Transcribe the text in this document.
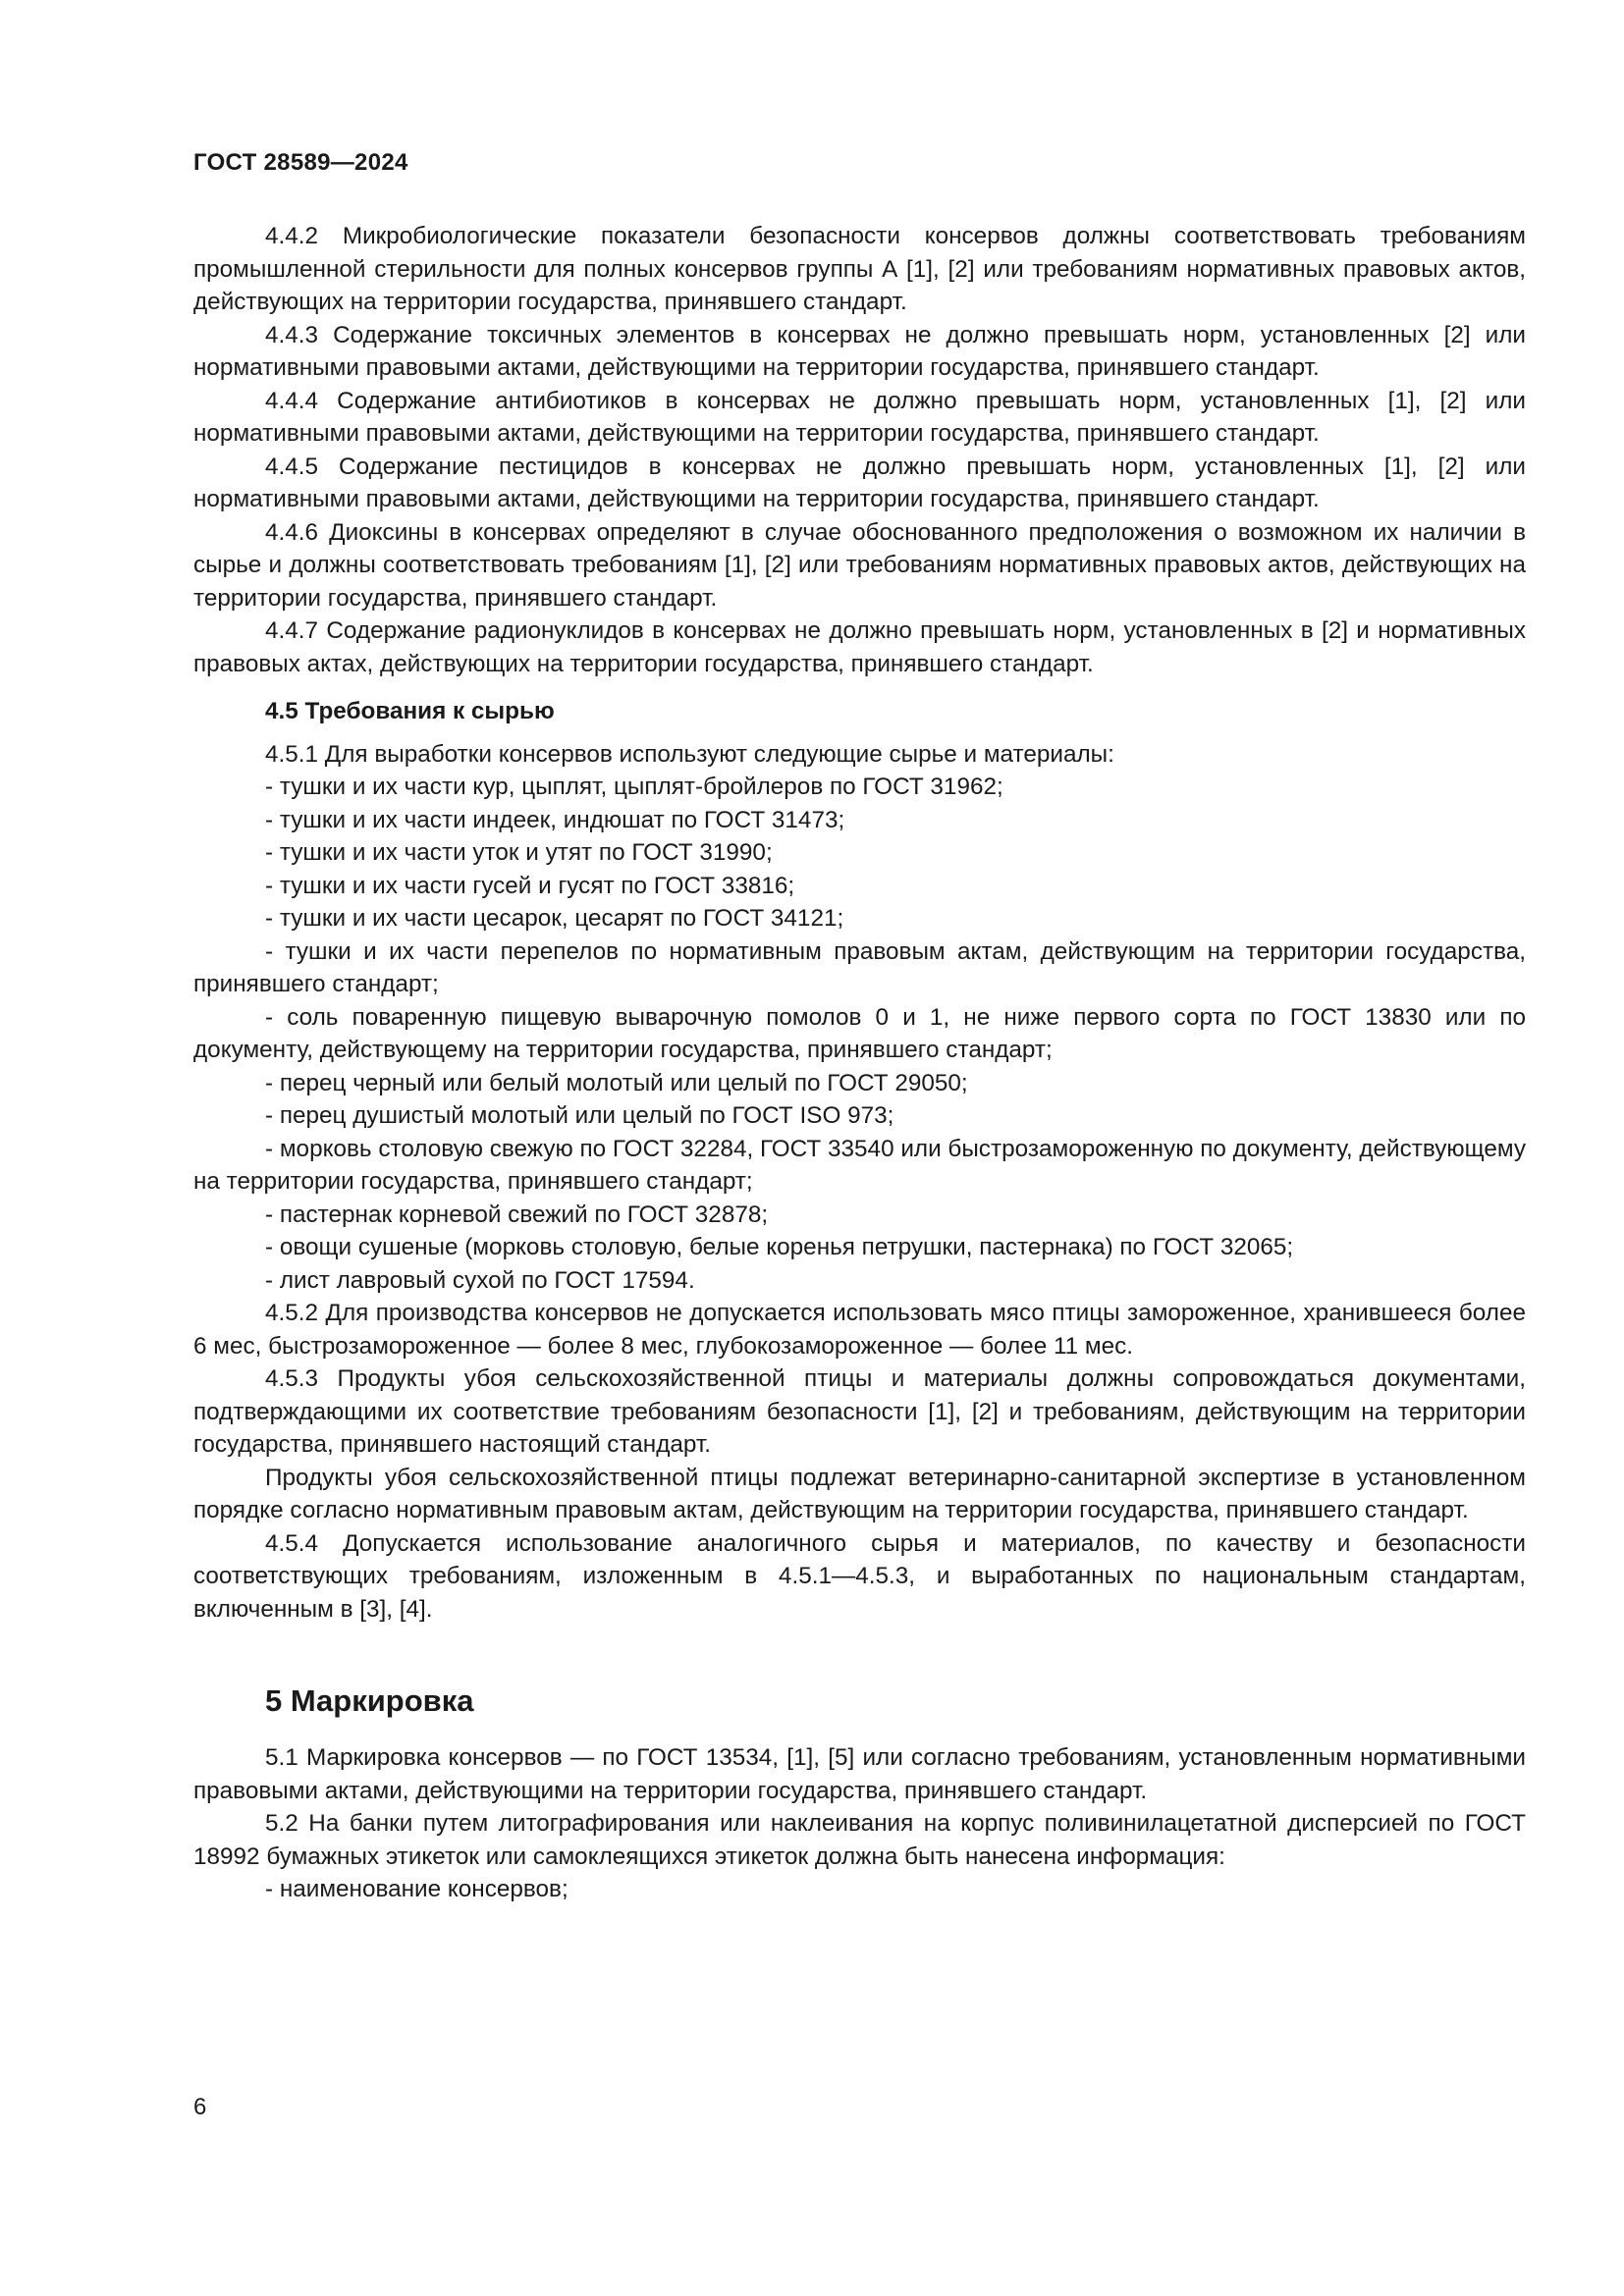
ГОСТ 28589—2024

4.4.2 Микробиологические показатели безопасности консервов должны соответствовать требованиям промышленной стерильности для полных консервов группы А [1], [2] или требованиям нормативных правовых актов, действующих на территории государства, принявшего стандарт.

4.4.3 Содержание токсичных элементов в консервах не должно превышать норм, установленных [2] или нормативными правовыми актами, действующими на территории государства, принявшего стандарт.

4.4.4 Содержание антибиотиков в консервах не должно превышать норм, установленных [1], [2] или нормативными правовыми актами, действующими на территории государства, принявшего стандарт.

4.4.5 Содержание пестицидов в консервах не должно превышать норм, установленных [1], [2] или нормативными правовыми актами, действующими на территории государства, принявшего стандарт.

4.4.6 Диоксины в консервах определяют в случае обоснованного предположения о возможном их наличии в сырье и должны соответствовать требованиям [1], [2] или требованиям нормативных правовых актов, действующих на территории государства, принявшего стандарт.

4.4.7 Содержание радионуклидов в консервах не должно превышать норм, установленных в [2] и нормативных правовых актах, действующих на территории государства, принявшего стандарт.

4.5 Требования к сырью

4.5.1 Для выработки консервов используют следующие сырье и материалы:

- тушки и их части кур, цыплят, цыплят-бройлеров по ГОСТ 31962;

- тушки и их части индеек, индюшат по ГОСТ 31473;

- тушки и их части уток и утят по ГОСТ 31990;

- тушки и их части гусей и гусят по ГОСТ 33816;

- тушки и их части цесарок, цесарят по ГОСТ 34121;

- тушки и их части перепелов по нормативным правовым актам, действующим на территории государства, принявшего стандарт;

- соль поваренную пищевую выварочную помолов 0 и 1, не ниже первого сорта по ГОСТ 13830 или по документу, действующему на территории государства, принявшего стандарт;

- перец черный или белый молотый или целый по ГОСТ 29050;

- перец душистый молотый или целый по ГОСТ ISO 973;

- морковь столовую свежую по ГОСТ 32284, ГОСТ 33540 или быстрозамороженную по документу, действующему на территории государства, принявшего стандарт;

- пастернак корневой свежий по ГОСТ 32878;

- овощи сушеные (морковь столовую, белые коренья петрушки, пастернака) по ГОСТ 32065;

- лист лавровый сухой по ГОСТ 17594.

4.5.2 Для производства консервов не допускается использовать мясо птицы замороженное, хранившееся более 6 мес, быстрозамороженное — более 8 мес, глубокозамороженное — более 11 мес.

4.5.3 Продукты убоя сельскохозяйственной птицы и материалы должны сопровождаться документами, подтверждающими их соответствие требованиям безопасности [1], [2] и требованиям, действующим на территории государства, принявшего настоящий стандарт.

Продукты убоя сельскохозяйственной птицы подлежат ветеринарно-санитарной экспертизе в установленном порядке согласно нормативным правовым актам, действующим на территории государства, принявшего стандарт.

4.5.4 Допускается использование аналогичного сырья и материалов, по качеству и безопасности соответствующих требованиям, изложенным в 4.5.1—4.5.3, и выработанных по национальным стандартам, включенным в [3], [4].

5 Маркировка

5.1 Маркировка консервов — по ГОСТ 13534, [1], [5] или согласно требованиям, установленным нормативными правовыми актами, действующими на территории государства, принявшего стандарт.

5.2 На банки путем литографирования или наклеивания на корпус поливинилацетатной дисперсией по ГОСТ 18992 бумажных этикеток или самоклеящихся этикеток должна быть нанесена информация:

- наименование консервов;

6
